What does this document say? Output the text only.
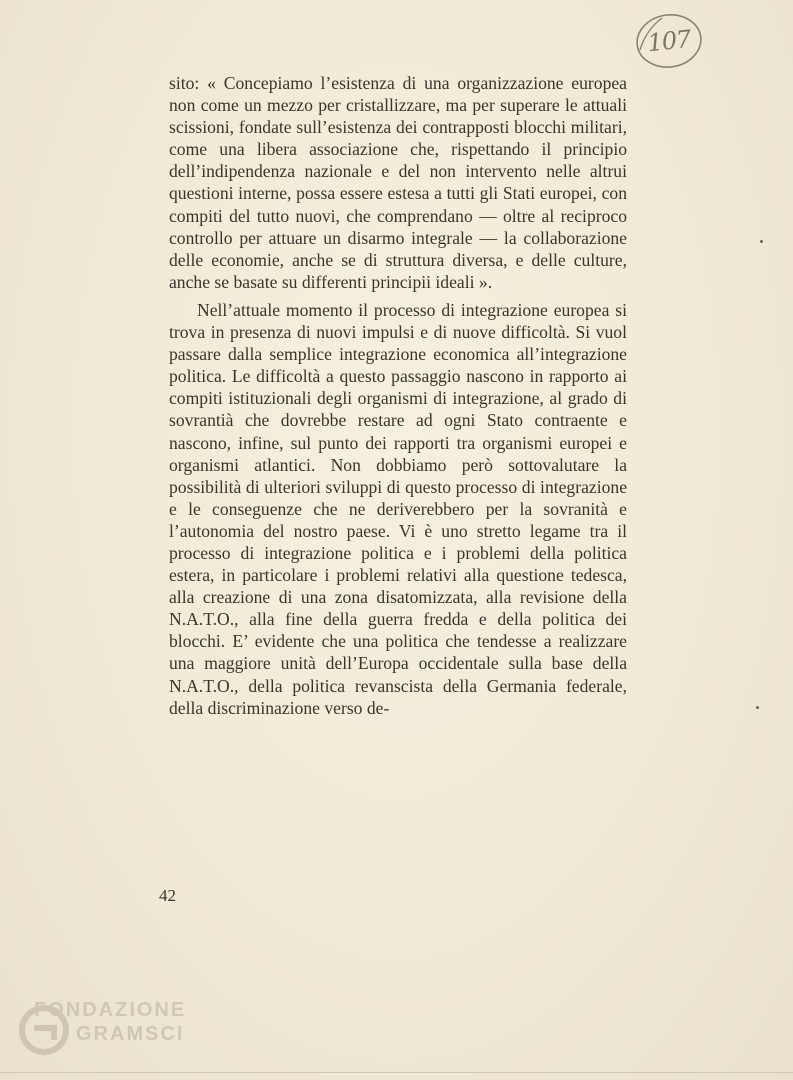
107

sito: « Concepiamo l’esistenza di una organizzazione europea non come un mezzo per cristallizzare, ma per superare le attuali scissioni, fondate sull’esistenza dei contrapposti blocchi militari, come una libera associazione che, rispettando il principio dell’indipendenza nazionale e del non intervento nelle altrui questioni interne, possa essere estesa a tutti gli Stati europei, con compiti del tutto nuovi, che comprendano — oltre al reciproco controllo per attuare un disarmo integrale — la collaborazione delle economie, anche se di struttura diversa, e delle culture, anche se basate su differenti principii ideali ».

Nell’attuale momento il processo di integrazione europea si trova in presenza di nuovi impulsi e di nuove difficoltà. Si vuol passare dalla semplice integrazione economica all’integrazione politica. Le difficoltà a questo passaggio nascono in rapporto ai compiti istituzionali degli organismi di integrazione, al grado di sovrantià che dovrebbe restare ad ogni Stato contraente e nascono, infine, sul punto dei rapporti tra organismi europei e organismi atlantici. Non dobbiamo però sottovalutare la possibilità di ulteriori sviluppi di questo processo di integrazione e le conseguenze che ne deriverebbero per la sovranità e l’autonomia del nostro paese. Vi è uno stretto legame tra il processo di integrazione politica e i problemi della politica estera, in particolare i problemi relativi alla questione tedesca, alla creazione di una zona disatomizzata, alla revisione della N.A.T.O., alla fine della guerra fredda e della politica dei blocchi. E’ evidente che una politica che tendesse a realizzare una maggiore unità dell’Europa occidentale sulla base della N.A.T.O., della politica revanscista della Germania federale, della discriminazione verso de-

42
FONDAZIONE
GRAMSCI
